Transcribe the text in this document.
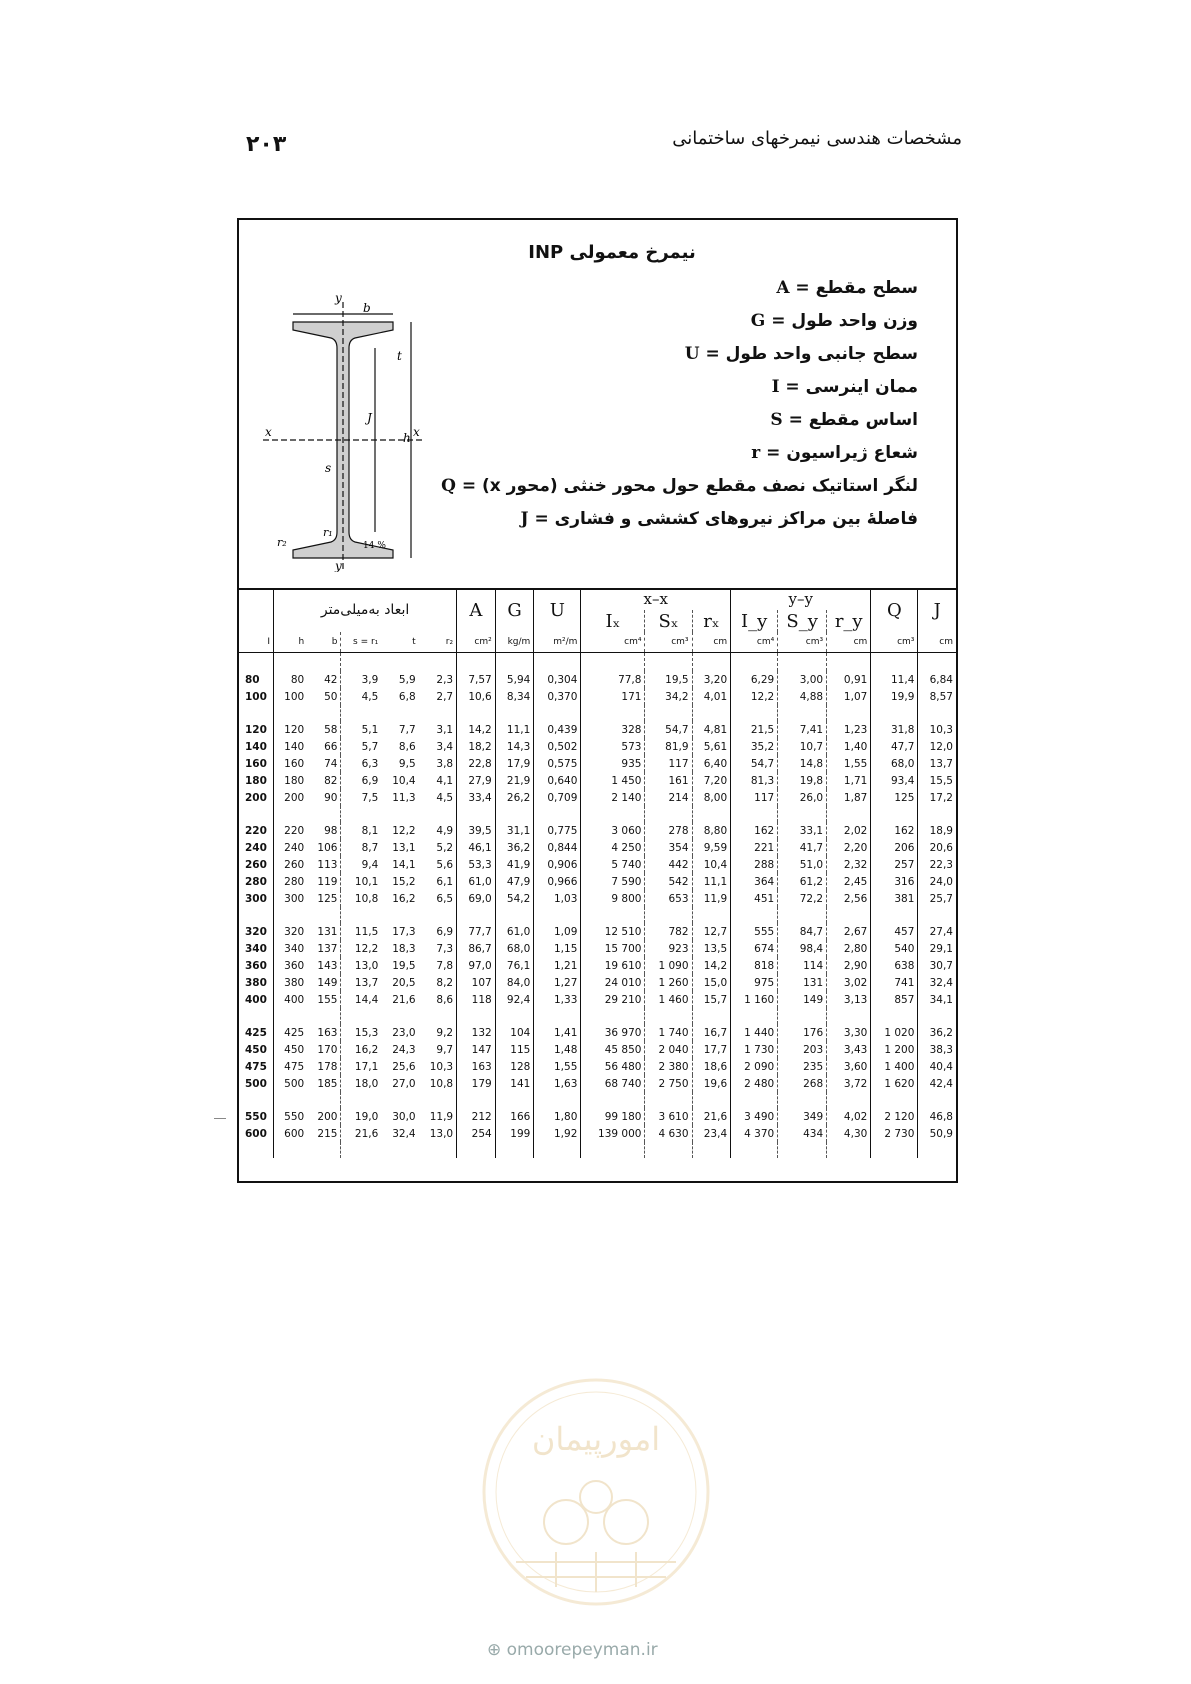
۲۰۳	مشخصات هندسی نیمرخهای ساختمانی
y
b
x	x
h
J
s
t
r₁
r₂	14 %
y
نیمرخ معمولی INP
سطح مقطع = A
وزن واحد طول = G
سطح جانبی واحد طول = U
ممان اینرسی = I
اساس مقطع = S
شعاع ژیراسیون = r
لنگر استاتیک نصف مقطع حول محور خنثی (محور x) = Q
فاصلهٔ بین مراکز نیروهای کششی و فشاری = J
	ابعاد به‌میلی‌متر					A	G	U	x–x			y–y			Q	J
									Iₓ	Sₓ	rₓ	I_y	S_y	r_y		
I	h	b	s = r₁	t	r₂	cm²	kg/m	m²/m	cm⁴	cm³	cm	cm⁴	cm³	cm	cm³	cm

80	80	42	3,9	5,9	2,3	7,57	5,94	0,304	77,8	19,5	3,20	6,29	3,00	0,91	11,4	6,84
100	100	50	4,5	6,8	2,7	10,6	8,34	0,370	171	34,2	4,01	12,2	4,88	1,07	19,9	8,57

120	120	58	5,1	7,7	3,1	14,2	11,1	0,439	328	54,7	4,81	21,5	7,41	1,23	31,8	10,3
140	140	66	5,7	8,6	3,4	18,2	14,3	0,502	573	81,9	5,61	35,2	10,7	1,40	47,7	12,0
160	160	74	6,3	9,5	3,8	22,8	17,9	0,575	935	117	6,40	54,7	14,8	1,55	68,0	13,7
180	180	82	6,9	10,4	4,1	27,9	21,9	0,640	1 450	161	7,20	81,3	19,8	1,71	93,4	15,5
200	200	90	7,5	11,3	4,5	33,4	26,2	0,709	2 140	214	8,00	117	26,0	1,87	125	17,2

220	220	98	8,1	12,2	4,9	39,5	31,1	0,775	3 060	278	8,80	162	33,1	2,02	162	18,9
240	240	106	8,7	13,1	5,2	46,1	36,2	0,844	4 250	354	9,59	221	41,7	2,20	206	20,6
260	260	113	9,4	14,1	5,6	53,3	41,9	0,906	5 740	442	10,4	288	51,0	2,32	257	22,3
280	280	119	10,1	15,2	6,1	61,0	47,9	0,966	7 590	542	11,1	364	61,2	2,45	316	24,0
300	300	125	10,8	16,2	6,5	69,0	54,2	1,03	9 800	653	11,9	451	72,2	2,56	381	25,7

320	320	131	11,5	17,3	6,9	77,7	61,0	1,09	12 510	782	12,7	555	84,7	2,67	457	27,4
340	340	137	12,2	18,3	7,3	86,7	68,0	1,15	15 700	923	13,5	674	98,4	2,80	540	29,1
360	360	143	13,0	19,5	7,8	97,0	76,1	1,21	19 610	1 090	14,2	818	114	2,90	638	30,7
380	380	149	13,7	20,5	8,2	107	84,0	1,27	24 010	1 260	15,0	975	131	3,02	741	32,4
400	400	155	14,4	21,6	8,6	118	92,4	1,33	29 210	1 460	15,7	1 160	149	3,13	857	34,1

425	425	163	15,3	23,0	9,2	132	104	1,41	36 970	1 740	16,7	1 440	176	3,30	1 020	36,2
450	450	170	16,2	24,3	9,7	147	115	1,48	45 850	2 040	17,7	1 730	203	3,43	1 200	38,3
475	475	178	17,1	25,6	10,3	163	128	1,55	56 480	2 380	18,6	2 090	235	3,60	1 400	40,4
500	500	185	18,0	27,0	10,8	179	141	1,63	68 740	2 750	19,6	2 480	268	3,72	1 620	42,4

550	550	200	19,0	30,0	11,9	212	166	1,80	99 180	3 610	21,6	3 490	349	4,02	2 120	46,8
600	600	215	21,6	32,4	13,0	254	199	1,92	139 000	4 630	23,4	4 370	434	4,30	2 730	50,9

امورپیمان
⊕ omoorepeyman.ir
